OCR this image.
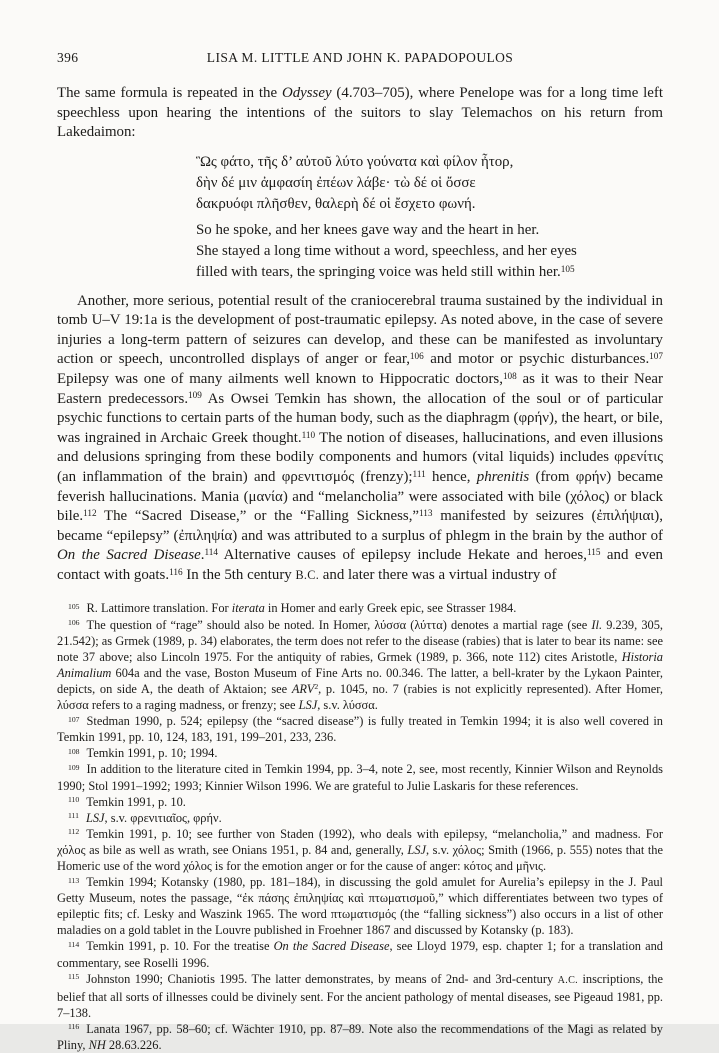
396	LISA M. LITTLE AND JOHN K. PAPADOPOULOS

The same formula is repeated in the Odyssey (4.703–705), where Penelope was for a long time left speechless upon hearing the intentions of the suitors to slay Telemachos on his return from Lakedaimon:

Ὣς φάτο, τῆς δ’ αὐτοῦ λύτο γούνατα καὶ φίλον ἦτορ,
δὴν δέ μιν ἀμφασίη ἐπέων λάβε· τὼ δέ οἱ ὄσσε
δακρυόφι πλῆσθεν, θαλερὴ δέ οἱ ἔσχετο φωνή.
So he spoke, and her knees gave way and the heart in her.
She stayed a long time without a word, speechless, and her eyes
filled with tears, the springing voice was held still within her.$^{105}$

Another, more serious, potential result of the craniocerebral trauma sustained by the individual in tomb U–V 19:1a is the development of post-traumatic epilepsy. As noted above, in the case of severe injuries a long-term pattern of seizures can develop, and these can be manifested as involuntary action or speech, uncontrolled displays of anger or fear,$^{106}$ and motor or psychic disturbances.$^{107}$ Epilepsy was one of many ailments well known to Hippocratic doctors,$^{108}$ as it was to their Near Eastern predecessors.$^{109}$ As Owsei Temkin has shown, the allocation of the soul or of particular psychic functions to certain parts of the human body, such as the diaphragm (φρήν), the heart, or bile, was ingrained in Archaic Greek thought.$^{110}$ The notion of diseases, hallucinations, and even illusions and delusions springing from these bodily components and humors (vital liquids) includes φρενίτις (an inflammation of the brain) and φρενιτισμός (frenzy);$^{111}$ hence, phrenitis (from φρήν) became feverish hallucinations. Mania (μανία) and “melancholia” were associated with bile (χόλος) or black bile.$^{112}$ The “Sacred Disease,” or the “Falling Sickness,”$^{113}$ manifested by seizures (ἐπιλήψιαι), became “epilepsy” (ἐπιληψία) and was attributed to a surplus of phlegm in the brain by the author of On the Sacred Disease.$^{114}$ Alternative causes of epilepsy include Hekate and heroes,$^{115}$ and even contact with goats.$^{116}$ In the 5th century B.C. and later there was a virtual industry of

$^{105}$ R. Lattimore translation. For iterata in Homer and early Greek epic, see Strasser 1984.

$^{106}$ The question of “rage” should also be noted. In Homer, λύσσα (λύττα) denotes a martial rage (see Il. 9.239, 305, 21.542); as Grmek (1989, p. 34) elaborates, the term does not refer to the disease (rabies) that is later to bear its name: see note 37 above; also Lincoln 1975. For the antiquity of rabies, Grmek (1989, p. 366, note 112) cites Aristotle, Historia Animalium 604a and the vase, Boston Museum of Fine Arts no. 00.346. The latter, a bell-krater by the Lykaon Painter, depicts, on side A, the death of Aktaion; see ARV$^2$, p. 1045, no. 7 (rabies is not explicitly represented). After Homer, λύσσα refers to a raging madness, or frenzy; see LSJ, s.v. λύσσα.

$^{107}$ Stedman 1990, p. 524; epilepsy (the “sacred disease”) is fully treated in Temkin 1994; it is also well covered in Temkin 1991, pp. 10, 124, 183, 191, 199–201, 233, 236.

$^{108}$ Temkin 1991, p. 10; 1994.

$^{109}$ In addition to the literature cited in Temkin 1994, pp. 3–4, note 2, see, most recently, Kinnier Wilson and Reynolds 1990; Stol 1991–1992; 1993; Kinnier Wilson 1996. We are grateful to Julie Laskaris for these references.

$^{110}$ Temkin 1991, p. 10.

$^{111}$ LSJ, s.v. φρενιτιαῖος, φρήν.

$^{112}$ Temkin 1991, p. 10; see further von Staden (1992), who deals with epilepsy, “melancholia,” and madness. For χόλος as bile as well as wrath, see Onians 1951, p. 84 and, generally, LSJ, s.v. χόλος; Smith (1966, p. 555) notes that the Homeric use of the word χόλος is for the emotion anger or for the cause of anger: κότος and μῆνις.

$^{113}$ Temkin 1994; Kotansky (1980, pp. 181–184), in discussing the gold amulet for Aurelia’s epilepsy in the J. Paul Getty Museum, notes the passage, “ἐκ πάσης ἐπιληψίας καὶ πτωματισμοῦ,” which differentiates between two types of epileptic fits; cf. Lesky and Waszink 1965. The word πτωματισμός (the “falling sickness”) also occurs in a list of other maladies on a gold tablet in the Louvre published in Froehner 1867 and discussed by Kotansky (p. 183).

$^{114}$ Temkin 1991, p. 10. For the treatise On the Sacred Disease, see Lloyd 1979, esp. chapter 1; for a translation and commentary, see Roselli 1996.

$^{115}$ Johnston 1990; Chaniotis 1995. The latter demonstrates, by means of 2nd- and 3rd-century A.C. inscriptions, the belief that all sorts of illnesses could be divinely sent. For the ancient pathology of mental diseases, see Pigeaud 1981, pp. 7–138.

$^{116}$ Lanata 1967, pp. 58–60; cf. Wächter 1910, pp. 87–89. Note also the recommendations of the Magi as related by Pliny, NH 28.63.226.
